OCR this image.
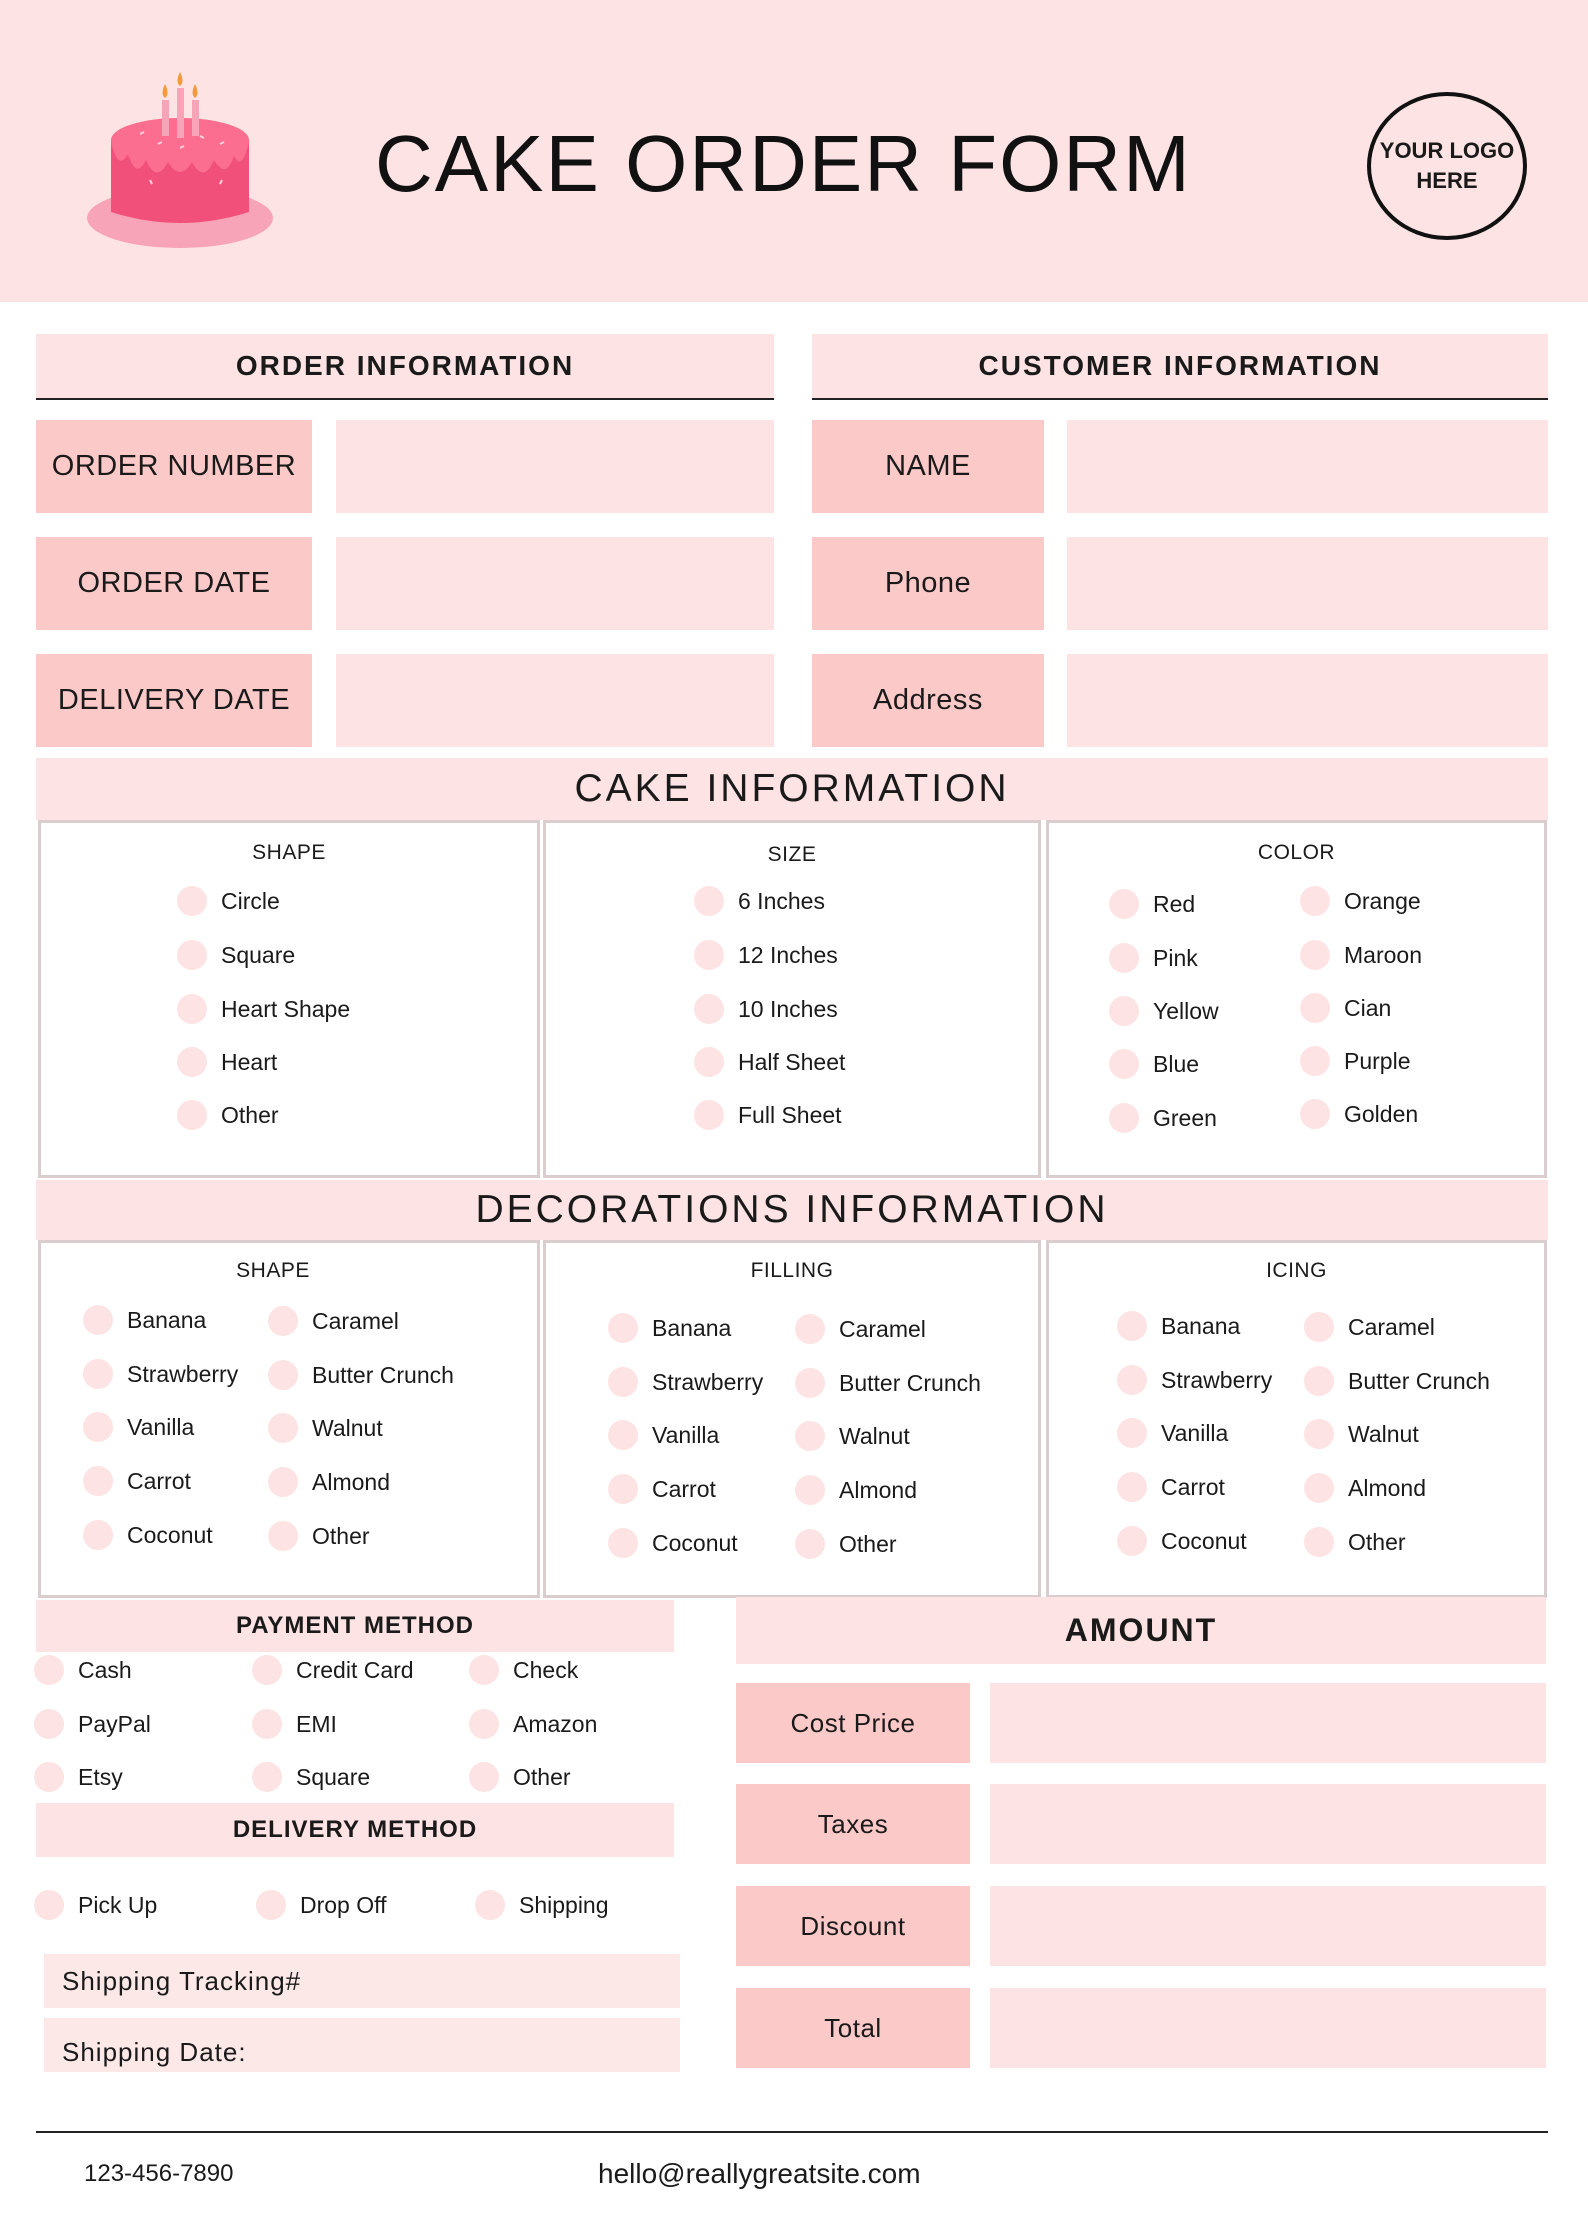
CAKE ORDER FORM	YOUR LOGO
HERE
ORDER INFORMATION
ORDER NUMBER
ORDER DATE
DELIVERY DATE
CUSTOMER INFORMATION
NAME
Phone
Address
CAKE INFORMATION
SHAPE
Circle
Square
Heart Shape
Heart
Other
SIZE
6 Inches
12 Inches
10 Inches
Half Sheet
Full Sheet
COLOR
Red
Pink
Yellow
Blue
Green
Orange
Maroon
Cian
Purple
Golden
DECORATIONS INFORMATION
SHAPE
Banana
Strawberry
Vanilla
Carrot
Coconut
Caramel
Butter Crunch
Walnut
Almond
Other
FILLING
Banana
Strawberry
Vanilla
Carrot
Coconut
Caramel
Butter Crunch
Walnut
Almond
Other
ICING
Banana
Strawberry
Vanilla
Carrot
Coconut
Caramel
Butter Crunch
Walnut
Almond
Other
PAYMENT METHOD
Cash	Credit Card	Check
PayPal	EMI	Amazon
Etsy	Square	Other
DELIVERY METHOD
Pick Up	Drop Off	Shipping
Shipping Tracking#
Shipping Date:
AMOUNT
Cost Price
Taxes
Discount
Total
123-456-7890	hello@reallygreatsite.com
